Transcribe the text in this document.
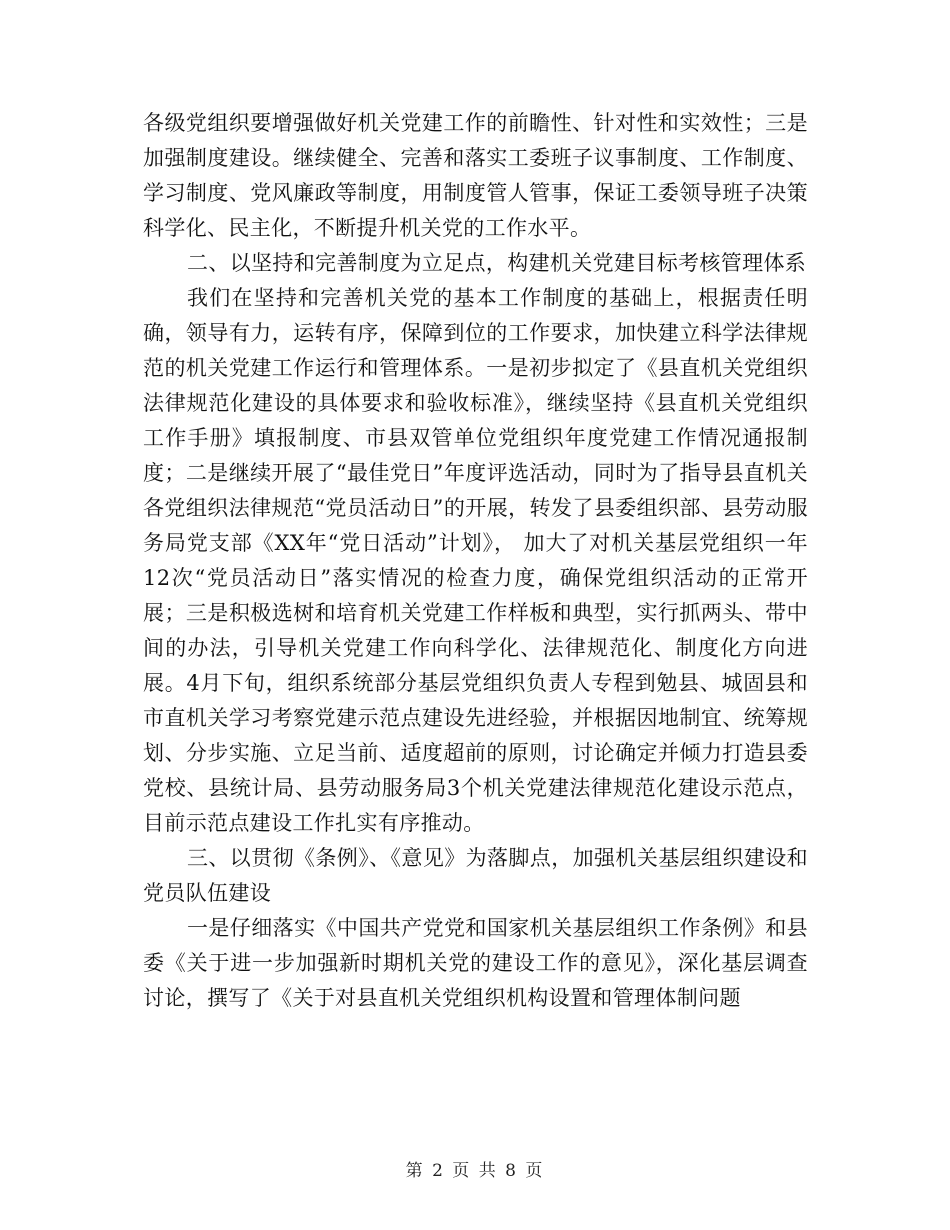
各级党组织要增强做好机关党建工作的前瞻性、针对性和实效性；三是加强制度建设。继续健全、完善和落实工委班子议事制度、工作制度、学习制度、党风廉政等制度，用制度管人管事，保证工委领导班子决策科学化、民主化，不断提升机关党的工作水平。

二、以坚持和完善制度为立足点，构建机关党建目标考核管理体系

我们在坚持和完善机关党的基本工作制度的基础上，根据责任明确，领导有力，运转有序，保障到位的工作要求，加快建立科学法律规范的机关党建工作运行和管理体系。一是初步拟定了《县直机关党组织法律规范化建设的具体要求和验收标准》，继续坚持《县直机关党组织工作手册》填报制度、市县双管单位党组织年度党建工作情况通报制度；二是继续开展了“最佳党日”年度评选活动，同时为了指导县直机关各党组织法律规范“党员活动日”的开展，转发了县委组织部、县劳动服务局党支部《XX年“党日活动”计划》， 加大了对机关基层党组织一年12次“党员活动日”落实情况的检查力度，确保党组织活动的正常开展；三是积极选树和培育机关党建工作样板和典型，实行抓两头、带中间的办法，引导机关党建工作向科学化、法律规范化、制度化方向进展。4月下旬，组织系统部分基层党组织负责人专程到勉县、城固县和市直机关学习考察党建示范点建设先进经验，并根据因地制宜、统筹规划、分步实施、立足当前、适度超前的原则，讨论确定并倾力打造县委党校、县统计局、县劳动服务局3个机关党建法律规范化建设示范点，目前示范点建设工作扎实有序推动。

三、以贯彻《条例》、《意见》为落脚点，加强机关基层组织建设和党员队伍建设

一是仔细落实《中国共产党党和国家机关基层组织工作条例》和县委《关于进一步加强新时期机关党的建设工作的意见》，深化基层调查讨论，撰写了《关于对县直机关党组织机构设置和管理体制问题

第 2 页 共 8 页
